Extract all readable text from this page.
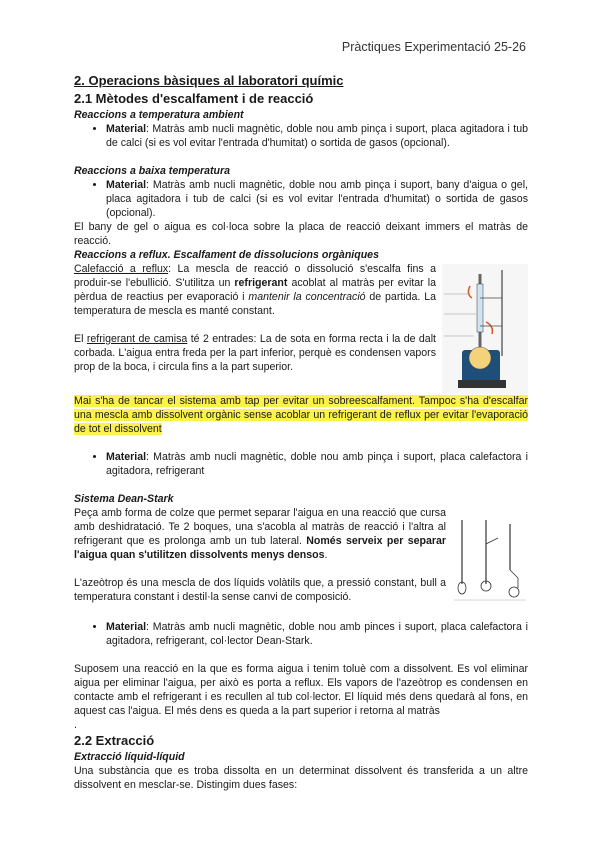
Pràctiques Experimentació 25-26
2. Operacions bàsiques al laboratori químic
2.1 Mètodes d'escalfament i de reacció
Reaccions a temperatura ambient
• Material: Matràs amb nucli magnètic, doble nou amb pinça i suport, placa agitadora i tub de calci (si es vol evitar l'entrada d'humitat) o sortida de gasos (opcional).
Reaccions a baixa temperatura
• Material: Matràs amb nucli magnètic, doble nou amb pinça i suport, bany d'aigua o gel, placa agitadora i tub de calci (si es vol evitar l'entrada d'humitat) o sortida de gasos (opcional).

El bany de gel o aigua es col·loca sobre la placa de reacció deixant immers el matràs de reacció.

Reaccions a reflux. Escalfament de dissolucions orgàniques

Calefacció a reflux: La mescla de reacció o dissolució s'escalfa fins a produir-se l'ebullició. S'utilitza un refrigerant acoblat al matràs per evitar la pèrdua de reactius per evaporació i mantenir la concentració de partida. La temperatura de mescla es manté constant.

El refrigerant de camisa té 2 entrades: La de sota en forma recta i la de dalt corbada. L'aigua entra freda per la part inferior, perquè es condensen vapors prop de la boca, i circula fins a la part superior.

Mai s'ha de tancar el sistema amb tap per evitar un sobreescalfament. Tampoc s'ha d'escalfar una mescla amb dissolvent orgànic sense acoblar un refrigerant de reflux per evitar l'evaporació de tot el dissolvent

• Material: Matràs amb nucli magnètic, doble nou amb pinça i suport, placa calefactora i agitadora, refrigerant
Sistema Dean-Stark

Peça amb forma de colze que permet separar l'aigua en una reacció que cursa amb deshidratació. Te 2 boques, una s'acobla al matràs de reacció i l'altra al refrigerant que es prolonga amb un tub lateral. Només serveix per separar l'aigua quan s'utilitzen dissolvents menys densos.

L'azeòtrop és una mescla de dos líquids volàtils que, a pressió constant, bull a temperatura constant i destil·la sense canvi de composició.

• Material: Matràs amb nucli magnètic, doble nou amb pinces i suport, placa calefactora i agitadora, refrigerant, col·lector Dean-Stark.

Suposem una reacció en la que es forma aigua i tenim toluè com a dissolvent. Es vol eliminar aigua per eliminar l'aigua, per això es porta a reflux. Els vapors de l'azeòtrop es condensen en contacte amb el refrigerant i es recullen al tub col·lector. El líquid més dens quedarà al fons, en aquest cas l'aigua. El més dens es queda a la part superior i retorna al matràs

.

2.2 Extracció
Extracció líquid-líquid

Una substància que es troba dissolta en un determinat dissolvent és transferida a un altre dissolvent en mesclar-se. Distingim dues fases:
